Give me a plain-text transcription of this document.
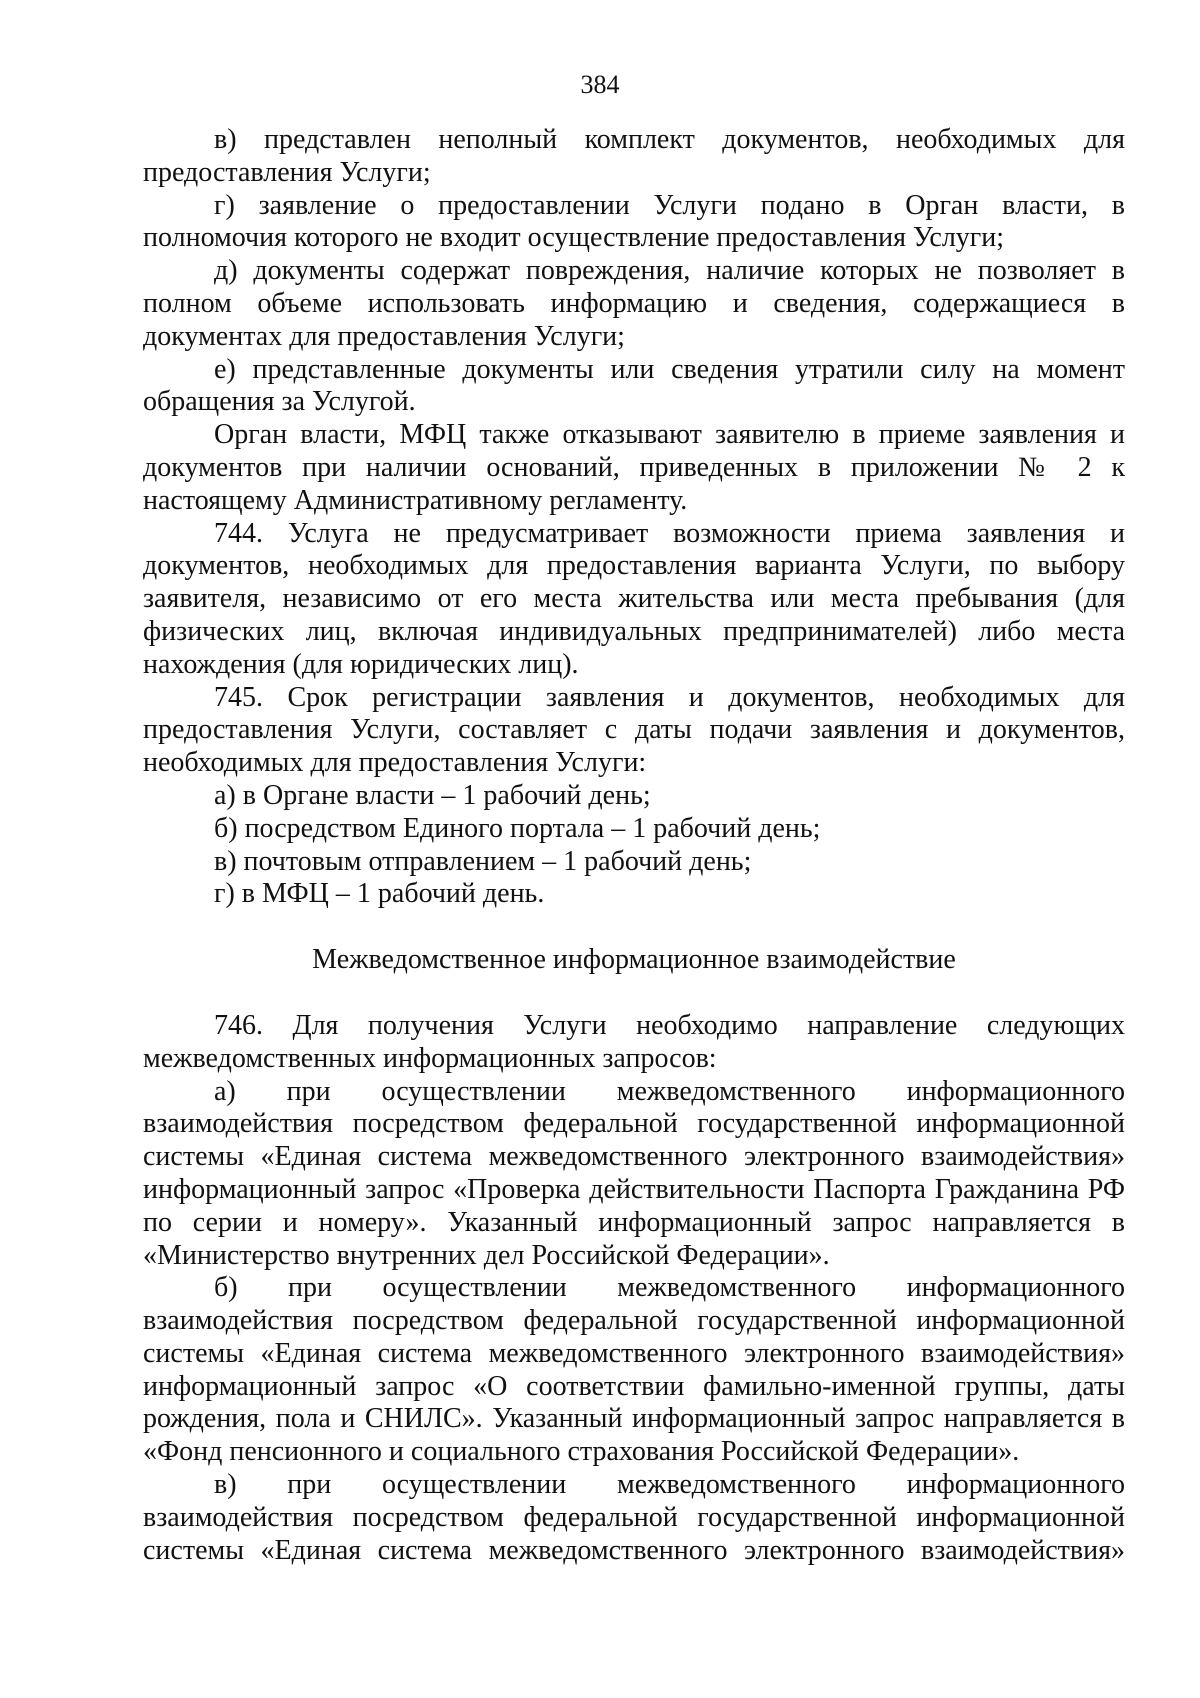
384
в) представлен неполный комплект документов, необходимых для
предоставления Услуги;
г) заявление о предоставлении Услуги подано в Орган власти, в
полномочия которого не входит осуществление предоставления Услуги;
д) документы содержат повреждения, наличие которых не позволяет в
полном объеме использовать информацию и сведения, содержащиеся в
документах для предоставления Услуги;
е) представленные документы или сведения утратили силу на момент
обращения за Услугой.
Орган власти, МФЦ также отказывают заявителю в приеме заявления и
документов при наличии оснований, приведенных в приложении № 2 к
настоящему Административному регламенту.
744. Услуга не предусматривает возможности приема заявления и
документов, необходимых для предоставления варианта Услуги, по выбору
заявителя, независимо от его места жительства или места пребывания (для
физических лиц, включая индивидуальных предпринимателей) либо места
нахождения (для юридических лиц).
745. Срок регистрации заявления и документов, необходимых для
предоставления Услуги, составляет с даты подачи заявления и документов,
необходимых для предоставления Услуги:
а) в Органе власти – 1 рабочий день;
б) посредством Единого портала – 1 рабочий день;
в) почтовым отправлением – 1 рабочий день;
г) в МФЦ – 1 рабочий день.
Межведомственное информационное взаимодействие
746. Для получения Услуги необходимо направление следующих
межведомственных информационных запросов:
а) при осуществлении межведомственного информационного
взаимодействия посредством федеральной государственной информационной
системы «Единая система межведомственного электронного взаимодействия»
информационный запрос «Проверка действительности Паспорта Гражданина РФ
по серии и номеру». Указанный информационный запрос направляется в
«Министерство внутренних дел Российской Федерации».
б) при осуществлении межведомственного информационного
взаимодействия посредством федеральной государственной информационной
системы «Единая система межведомственного электронного взаимодействия»
информационный запрос «О соответствии фамильно-именной группы, даты
рождения, пола и СНИЛС». Указанный информационный запрос направляется в
«Фонд пенсионного и социального страхования Российской Федерации».
в) при осуществлении межведомственного информационного
взаимодействия посредством федеральной государственной информационной
системы «Единая система межведомственного электронного взаимодействия»
